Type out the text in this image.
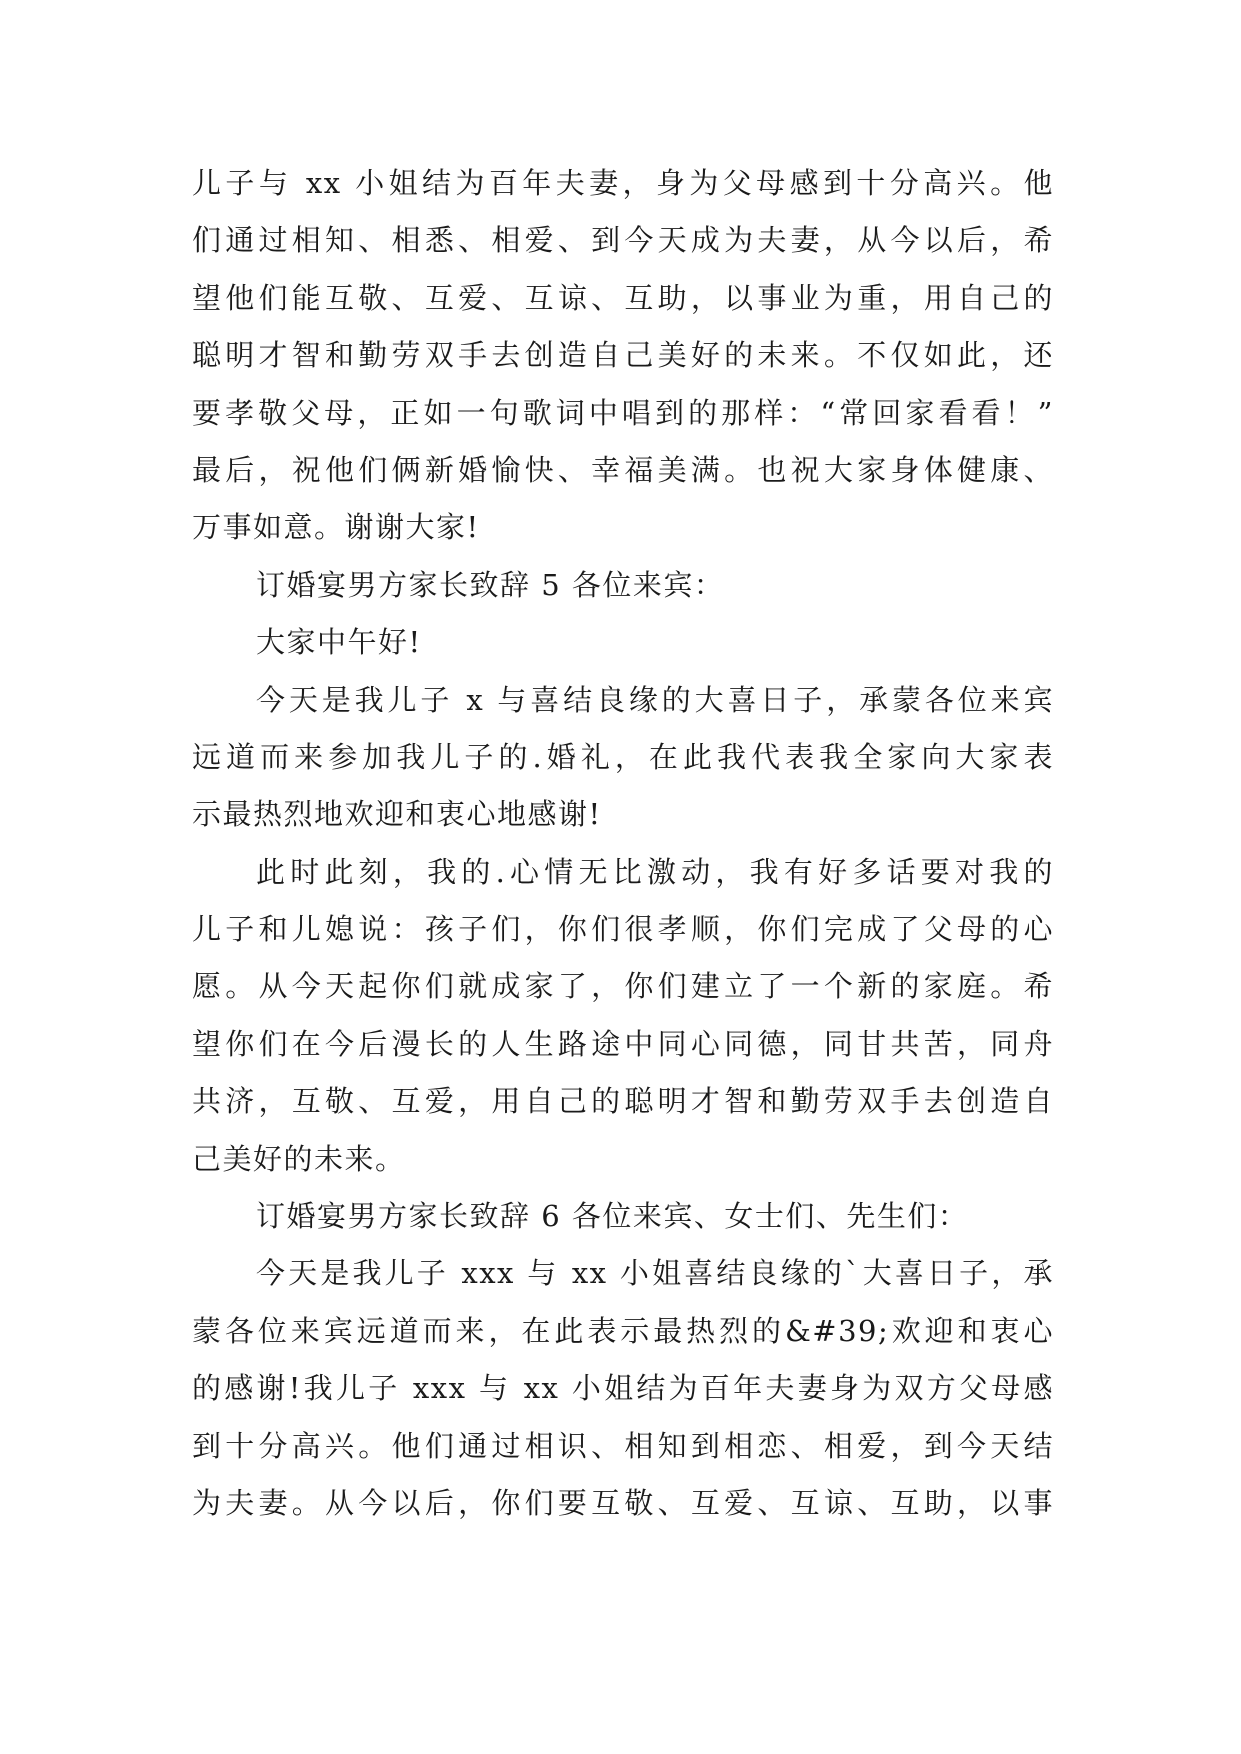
儿子与 xx 小姐结为百年夫妻，身为父母感到十分高兴。他
们通过相知、相悉、相爱、到今天成为夫妻，从今以后，希
望他们能互敬、互爱、互谅、互助，以事业为重，用自己的
聪明才智和勤劳双手去创造自己美好的未来。不仅如此，还
要孝敬父母，正如一句歌词中唱到的那样：“常回家看看！”
最后，祝他们俩新婚愉快、幸福美满。也祝大家身体健康、
万事如意。谢谢大家!
订婚宴男方家长致辞 5 各位来宾：
大家中午好!
今天是我儿子 x 与喜结良缘的大喜日子，承蒙各位来宾
远道而来参加我儿子的.婚礼，在此我代表我全家向大家表
示最热烈地欢迎和衷心地感谢!
此时此刻，我的.心情无比激动，我有好多话要对我的
儿子和儿媳说：孩子们，你们很孝顺，你们完成了父母的心
愿。从今天起你们就成家了，你们建立了一个新的家庭。希
望你们在今后漫长的人生路途中同心同德，同甘共苦，同舟
共济，互敬、互爱，用自己的聪明才智和勤劳双手去创造自
己美好的未来。
订婚宴男方家长致辞 6 各位来宾、女士们、先生们：
今天是我儿子 xxx 与 xx 小姐喜结良缘的`大喜日子，承
蒙各位来宾远道而来，在此表示最热烈的&#39;欢迎和衷心
的感谢!我儿子 xxx 与 xx 小姐结为百年夫妻身为双方父母感
到十分高兴。他们通过相识、相知到相恋、相爱，到今天结
为夫妻。从今以后，你们要互敬、互爱、互谅、互助，以事
